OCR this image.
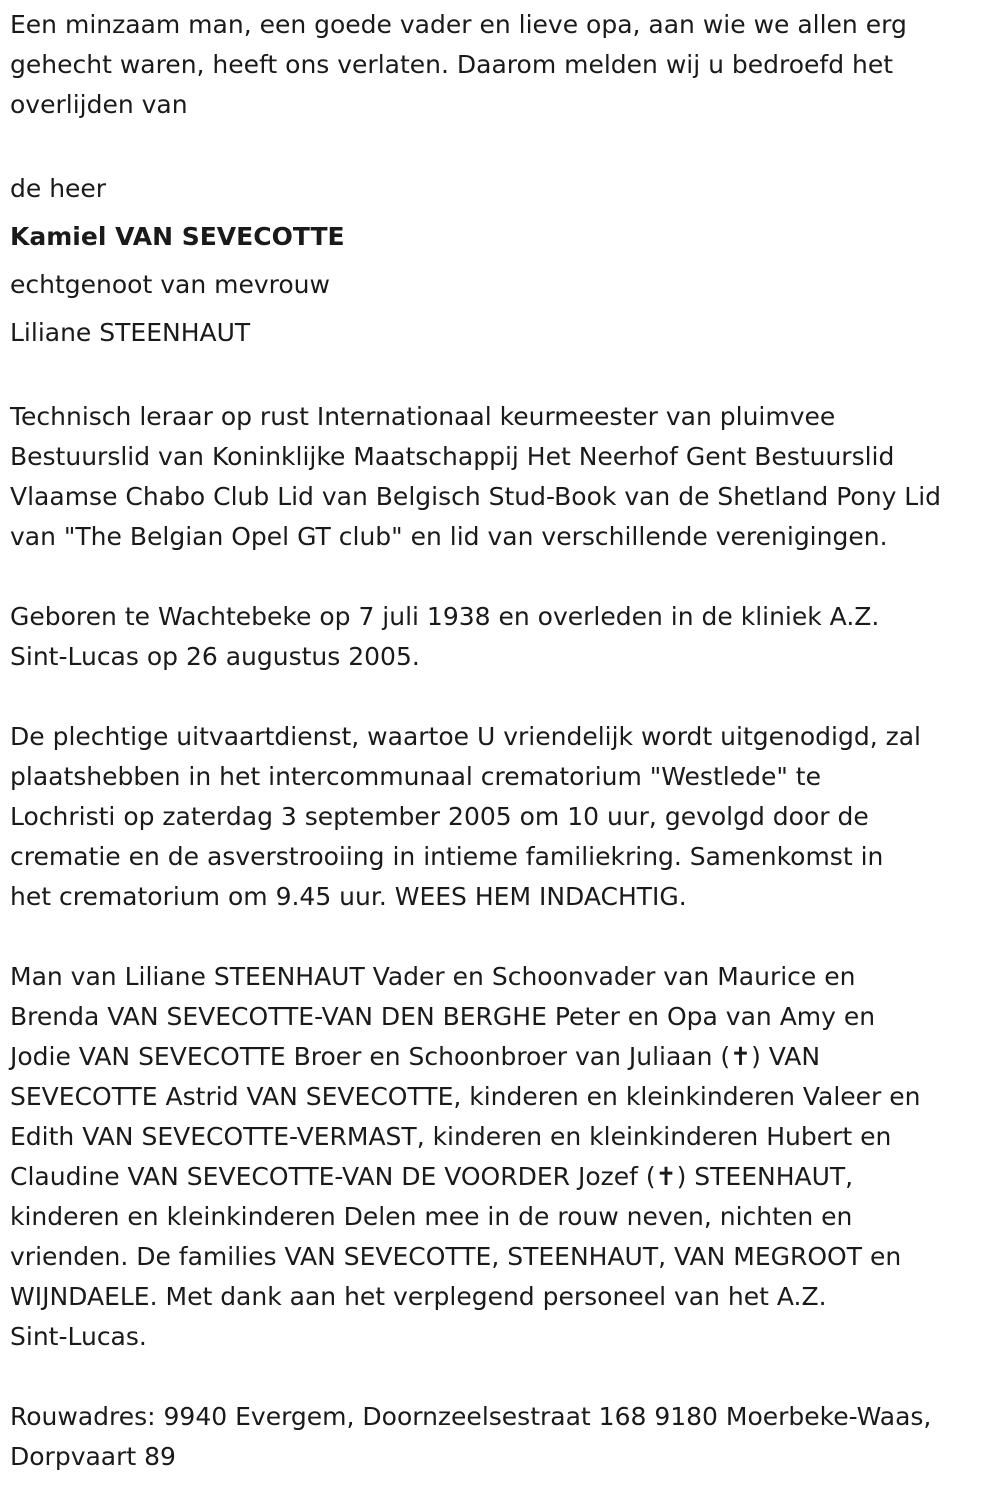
Een minzaam man, een goede vader en lieve opa, aan wie we allen erg
gehecht waren, heeft ons verlaten. Daarom melden wij u bedroefd het
overlijden van
de heer
Kamiel VAN SEVECOTTE
echtgenoot van mevrouw
Liliane STEENHAUT
Technisch leraar op rust Internationaal keurmeester van pluimvee
Bestuurslid van Koninklijke Maatschappij Het Neerhof Gent Bestuurslid
Vlaamse Chabo Club Lid van Belgisch Stud-Book van de Shetland Pony Lid
van "The Belgian Opel GT club" en lid van verschillende verenigingen.
Geboren te Wachtebeke op 7 juli 1938 en overleden in de kliniek A.Z.
Sint-Lucas op 26 augustus 2005.
De plechtige uitvaartdienst, waartoe U vriendelijk wordt uitgenodigd, zal
plaatshebben in het intercommunaal crematorium "Westlede" te
Lochristi op zaterdag 3 september 2005 om 10 uur, gevolgd door de
crematie en de asverstrooiing in intieme familiekring. Samenkomst in
het crematorium om 9.45 uur. WEES HEM INDACHTIG.
Man van Liliane STEENHAUT Vader en Schoonvader van Maurice en
Brenda VAN SEVECOTTE-VAN DEN BERGHE Peter en Opa van Amy en
Jodie VAN SEVECOTTE Broer en Schoonbroer van Juliaan (✝) VAN
SEVECOTTE Astrid VAN SEVECOTTE, kinderen en kleinkinderen Valeer en
Edith VAN SEVECOTTE-VERMAST, kinderen en kleinkinderen Hubert en
Claudine VAN SEVECOTTE-VAN DE VOORDER Jozef (✝) STEENHAUT,
kinderen en kleinkinderen Delen mee in de rouw neven, nichten en
vrienden. De families VAN SEVECOTTE, STEENHAUT, VAN MEGROOT en
WIJNDAELE. Met dank aan het verplegend personeel van het A.Z.
Sint-Lucas.
Rouwadres: 9940 Evergem, Doornzeelsestraat 168 9180 Moerbeke-Waas,
Dorpvaart 89
